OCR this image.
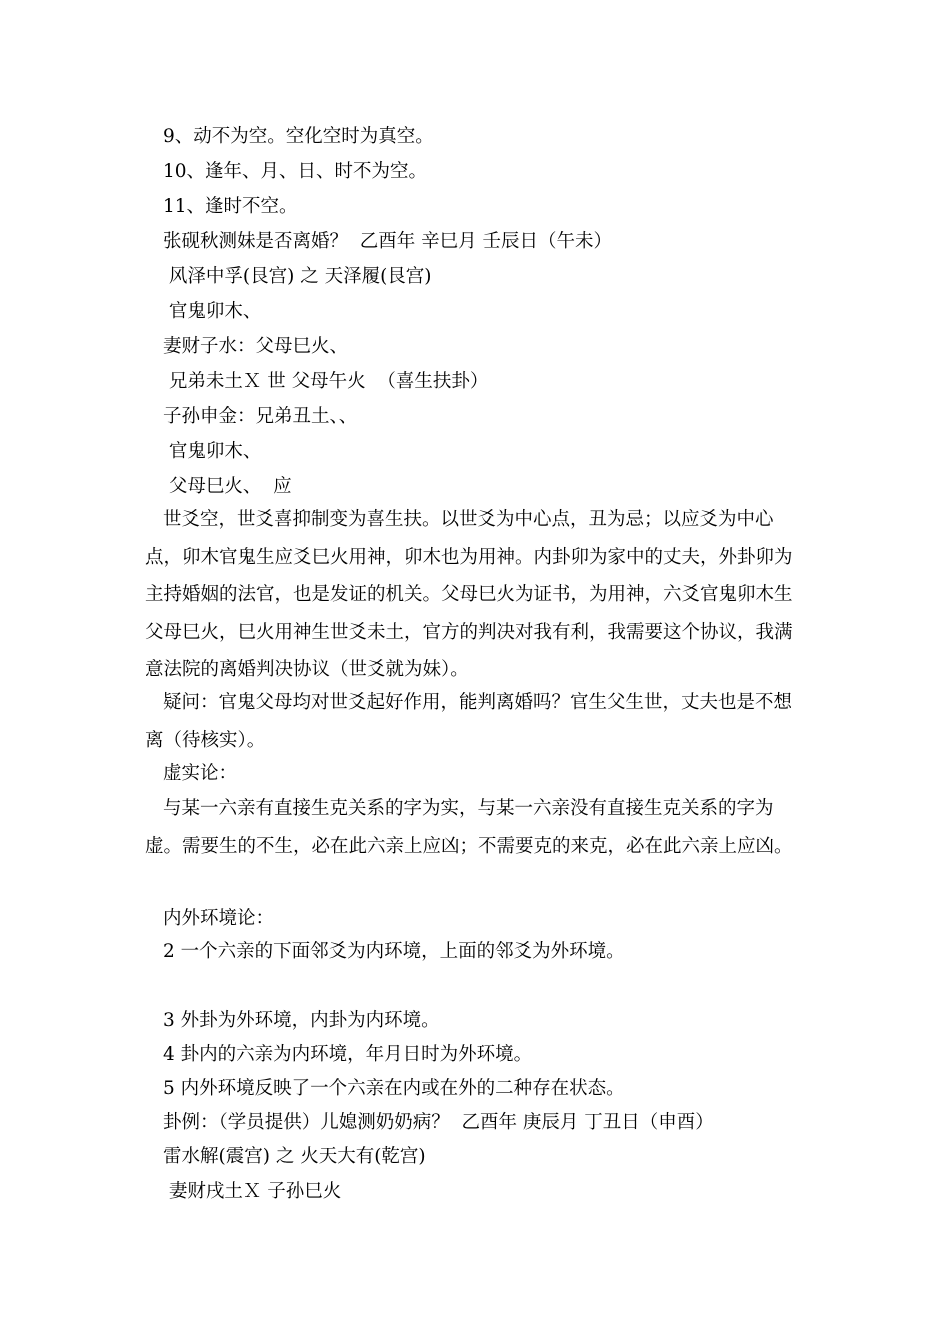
9、动不为空。空化空时为真空。
10、逢年、月、日、时不为空。
11、逢时不空。
张砚秋测妹是否离婚？  乙酉年 辛巳月 壬辰日（午未）
风泽中孚(艮宫) 之 天泽履(艮宫)
官鬼卯木、
妻财子水：父母巳火、
兄弟未土Ｘ 世 父母午火  （喜生扶卦）
子孙申金：兄弟丑土、、
官鬼卯木、
父母巳火、  应
世爻空，世爻喜抑制变为喜生扶。以世爻为中心点，丑为忌；以应爻为中心点，卯木官鬼生应爻巳火用神，卯木也为用神。内卦卯为家中的丈夫，外卦卯为主持婚姻的法官，也是发证的机关。父母巳火为证书，为用神，六爻官鬼卯木生父母巳火，巳火用神生世爻未土，官方的判决对我有利，我需要这个协议，我满意法院的离婚判决协议（世爻就为妹）。
疑问：官鬼父母均对世爻起好作用，能判离婚吗？官生父生世，丈夫也是不想离（待核实）。
虚实论：
与某一六亲有直接生克关系的字为实，与某一六亲没有直接生克关系的字为虚。需要生的不生，必在此六亲上应凶；不需要克的来克，必在此六亲上应凶。
内外环境论：
2 一个六亲的下面邻爻为内环境，上面的邻爻为外环境。
3 外卦为外环境，内卦为内环境。
4 卦内的六亲为内环境，年月日时为外环境。
5 内外环境反映了一个六亲在内或在外的二种存在状态。
卦例：（学员提供）儿媳测奶奶病？  乙酉年 庚辰月 丁丑日（申酉）
雷水解(震宫) 之 火天大有(乾宫)
妻财戌土Ｘ 子孙巳火
